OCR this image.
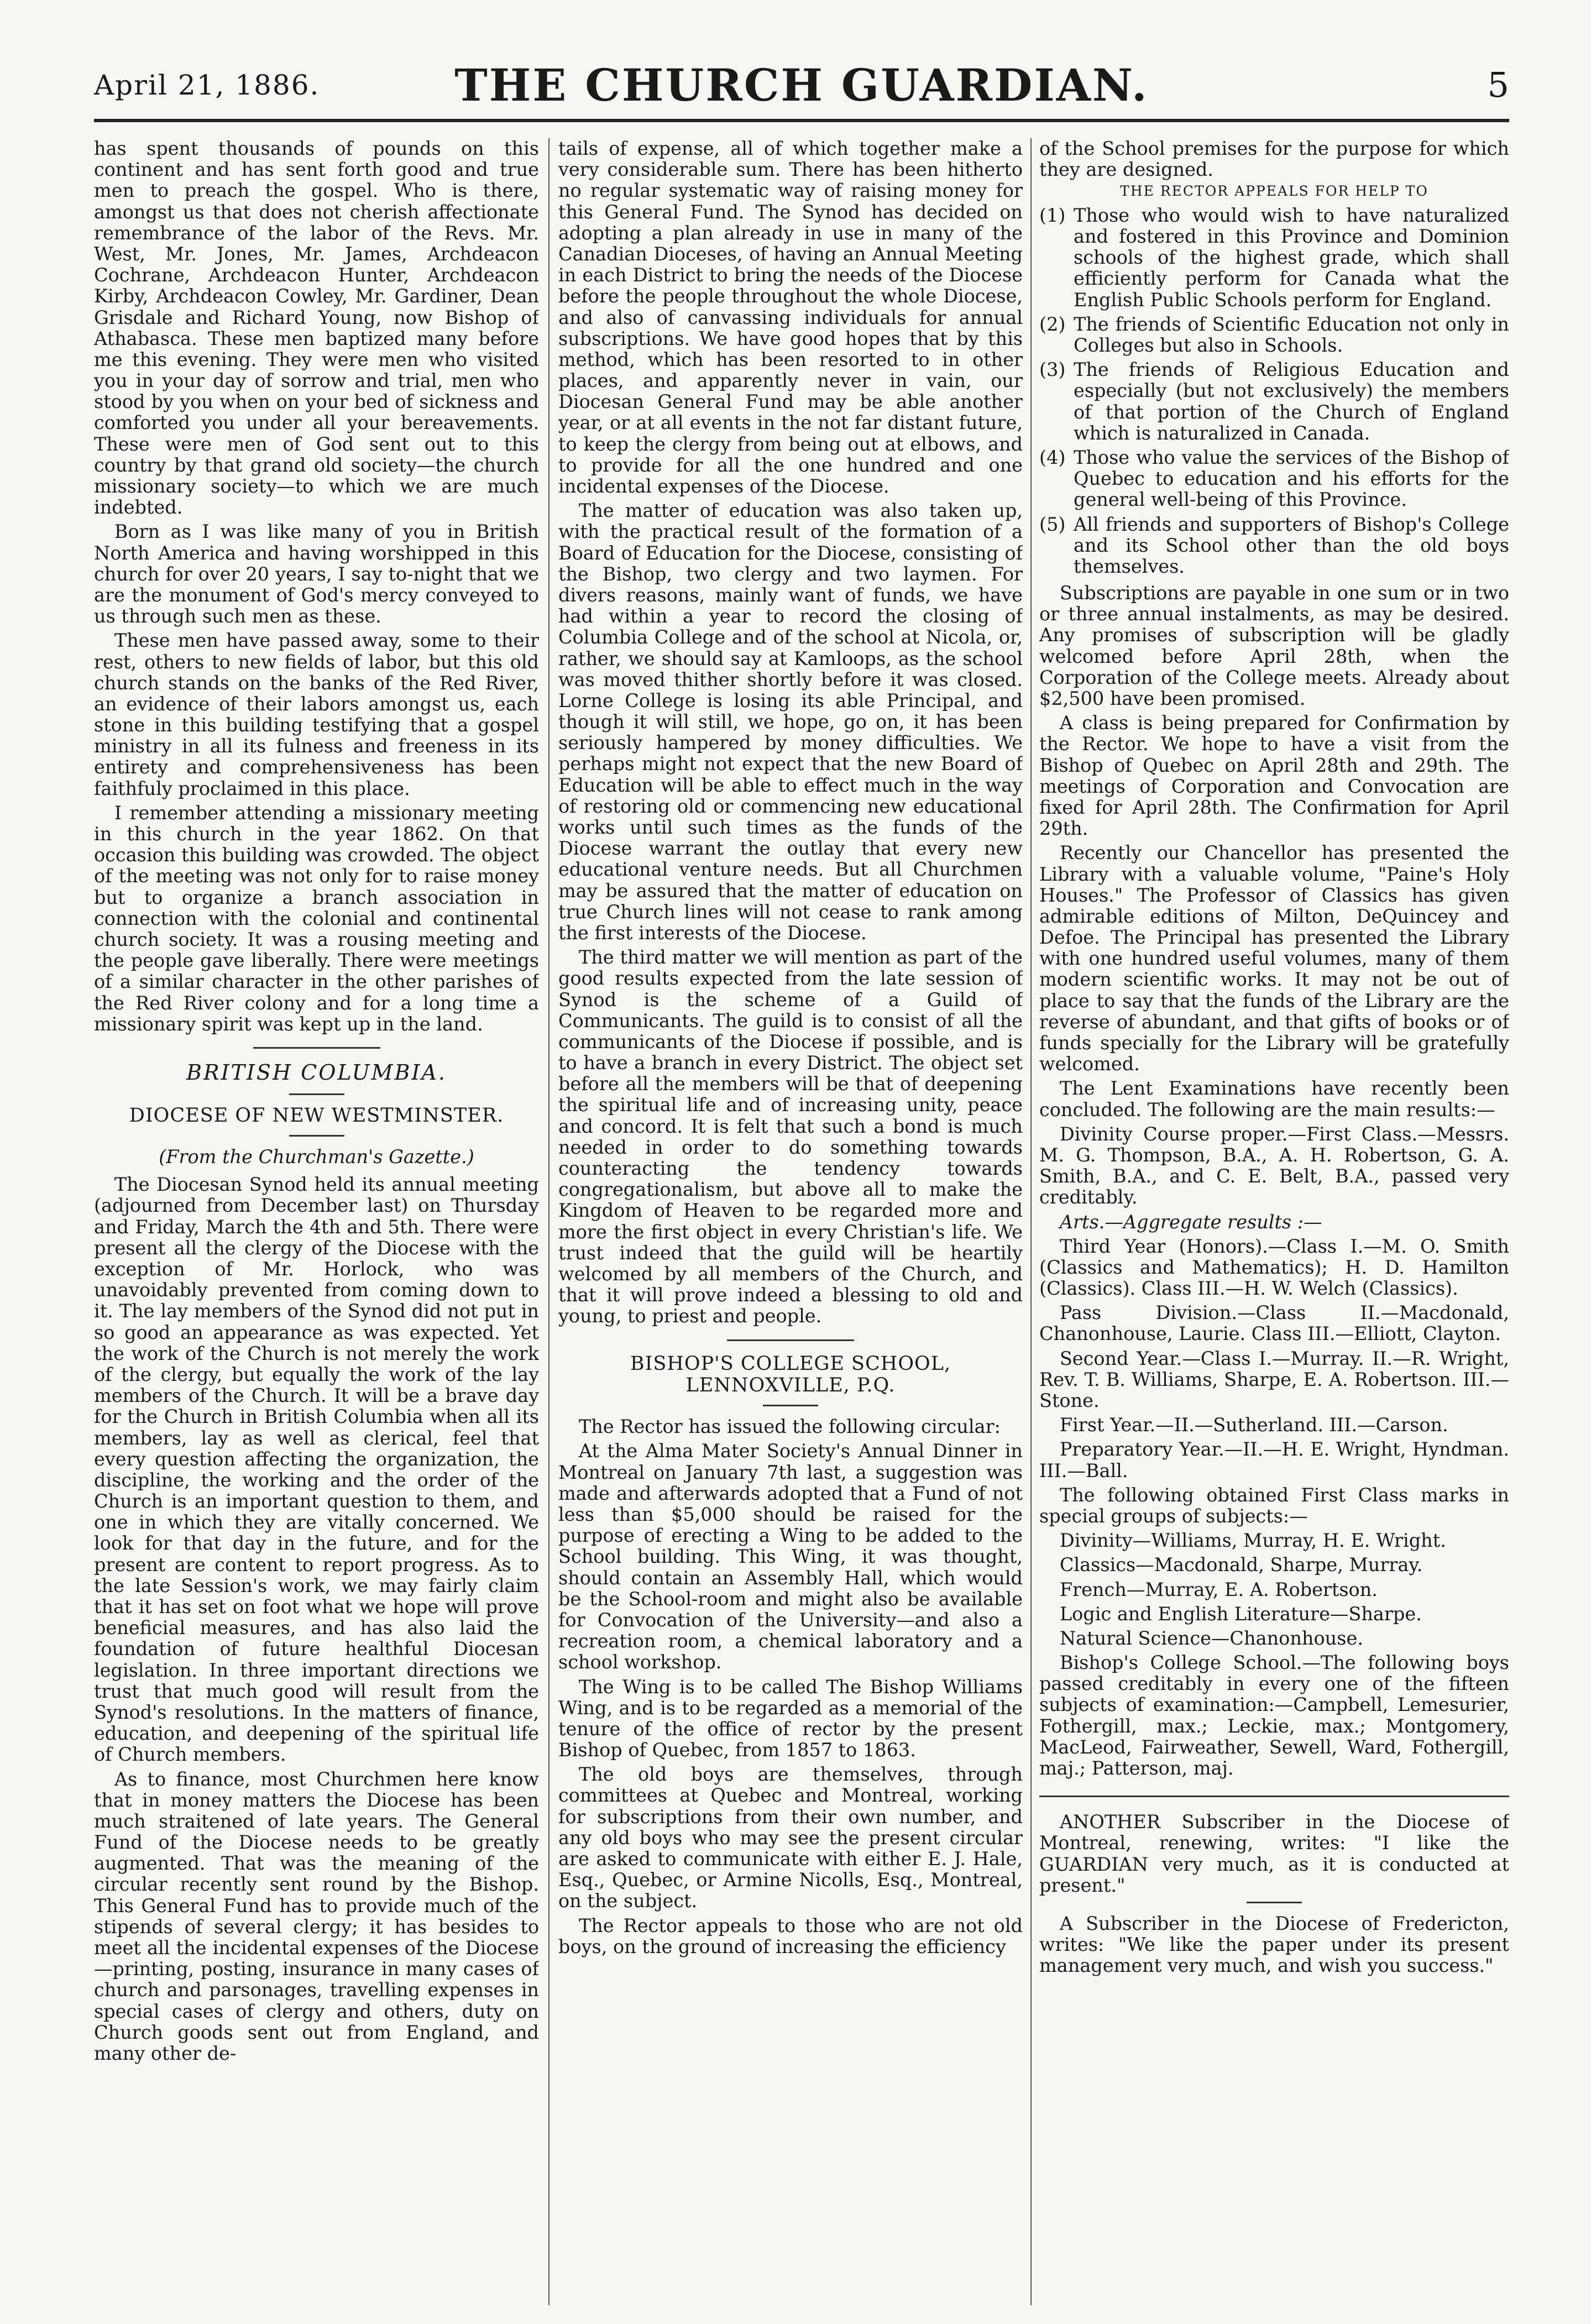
April 21, 1886.	THE CHURCH GUARDIAN.	5

has spent thousands of pounds on this continent and has sent forth good and true men to preach the gospel. Who is there, amongst us that does not cherish affectionate remembrance of the labor of the Revs. Mr. West, Mr. Jones, Mr. James, Archdeacon Cochrane, Archdeacon Hunter, Archdeacon Kirby, Archdeacon Cowley, Mr. Gardiner, Dean Grisdale and Richard Young, now Bishop of Athabasca. These men baptized many before me this evening. They were men who visited you in your day of sorrow and trial, men who stood by you when on your bed of sickness and comforted you under all your bereavements. These were men of God sent out to this country by that grand old society—the church missionary society—to which we are much indebted.

Born as I was like many of you in British North America and having worshipped in this church for over 20 years, I say to-night that we are the monument of God's mercy conveyed to us through such men as these.

These men have passed away, some to their rest, others to new fields of labor, but this old church stands on the banks of the Red River, an evidence of their labors amongst us, each stone in this building testifying that a gospel ministry in all its fulness and freeness in its entirety and comprehensiveness has been faithfuly proclaimed in this place.

I remember attending a missionary meeting in this church in the year 1862. On that occasion this building was crowded. The object of the meeting was not only for to raise money but to organize a branch association in connection with the colonial and continental church society. It was a rousing meeting and the people gave liberally. There were meetings of a similar character in the other parishes of the Red River colony and for a long time a missionary spirit was kept up in the land.

BRITISH COLUMBIA.
DIOCESE OF NEW WESTMINSTER.
(From the Churchman's Gazette.)

The Diocesan Synod held its annual meeting (adjourned from December last) on Thursday and Friday, March the 4th and 5th. There were present all the clergy of the Diocese with the exception of Mr. Horlock, who was unavoidably prevented from coming down to it. The lay members of the Synod did not put in so good an appearance as was expected. Yet the work of the Church is not merely the work of the clergy, but equally the work of the lay members of the Church. It will be a brave day for the Church in British Columbia when all its members, lay as well as clerical, feel that every question affecting the organization, the discipline, the working and the order of the Church is an important question to them, and one in which they are vitally concerned. We look for that day in the future, and for the present are content to report progress. As to the late Session's work, we may fairly claim that it has set on foot what we hope will prove beneficial measures, and has also laid the foundation of future healthful Diocesan legislation. In three important directions we trust that much good will result from the Synod's resolutions. In the matters of finance, education, and deepening of the spiritual life of Church members.

As to finance, most Churchmen here know that in money matters the Diocese has been much straitened of late years. The General Fund of the Diocese needs to be greatly augmented. That was the meaning of the circular recently sent round by the Bishop. This General Fund has to provide much of the stipends of several clergy; it has besides to meet all the incidental expenses of the Diocese—printing, posting, insurance in many cases of church and parsonages, travelling expenses in special cases of clergy and others, duty on Church goods sent out from England, and many other de-

tails of expense, all of which together make a very considerable sum. There has been hitherto no regular systematic way of raising money for this General Fund. The Synod has decided on adopting a plan already in use in many of the Canadian Dioceses, of having an Annual Meeting in each District to bring the needs of the Diocese before the people throughout the whole Diocese, and also of canvassing individuals for annual subscriptions. We have good hopes that by this method, which has been resorted to in other places, and apparently never in vain, our Diocesan General Fund may be able another year, or at all events in the not far distant future, to keep the clergy from being out at elbows, and to provide for all the one hundred and one incidental expenses of the Diocese.

The matter of education was also taken up, with the practical result of the formation of a Board of Education for the Diocese, consisting of the Bishop, two clergy and two laymen. For divers reasons, mainly want of funds, we have had within a year to record the closing of Columbia College and of the school at Nicola, or, rather, we should say at Kamloops, as the school was moved thither shortly before it was closed. Lorne College is losing its able Principal, and though it will still, we hope, go on, it has been seriously hampered by money difficulties. We perhaps might not expect that the new Board of Education will be able to effect much in the way of restoring old or commencing new educational works until such times as the funds of the Diocese warrant the outlay that every new educational venture needs. But all Churchmen may be assured that the matter of education on true Church lines will not cease to rank among the first interests of the Diocese.

The third matter we will mention as part of the good results expected from the late session of Synod is the scheme of a Guild of Communicants. The guild is to consist of all the communicants of the Diocese if possible, and is to have a branch in every District. The object set before all the members will be that of deepening the spiritual life and of increasing unity, peace and concord. It is felt that such a bond is much needed in order to do something towards counteracting the tendency towards congregationalism, but above all to make the Kingdom of Heaven to be regarded more and more the first object in every Christian's life. We trust indeed that the guild will be heartily welcomed by all members of the Church, and that it will prove indeed a blessing to old and young, to priest and people.

BISHOP'S COLLEGE SCHOOL, LENNOXVILLE, P.Q.

The Rector has issued the following circular:

At the Alma Mater Society's Annual Dinner in Montreal on January 7th last, a suggestion was made and afterwards adopted that a Fund of not less than $5,000 should be raised for the purpose of erecting a Wing to be added to the School building. This Wing, it was thought, should contain an Assembly Hall, which would be the School-room and might also be available for Convocation of the University—and also a recreation room, a chemical laboratory and a school workshop.

The Wing is to be called The Bishop Williams Wing, and is to be regarded as a memorial of the tenure of the office of rector by the present Bishop of Quebec, from 1857 to 1863.

The old boys are themselves, through committees at Quebec and Montreal, working for subscriptions from their own number, and any old boys who may see the present circular are asked to communicate with either E. J. Hale, Esq., Quebec, or Armine Nicolls, Esq., Montreal, on the subject.

The Rector appeals to those who are not old boys, on the ground of increasing the efficiency

of the School premises for the purpose for which they are designed.

THE RECTOR APPEALS FOR HELP TO
(1) Those who would wish to have naturalized and fostered in this Province and Dominion schools of the highest grade, which shall efficiently perform for Canada what the English Public Schools perform for England.
(2) The friends of Scientific Education not only in Colleges but also in Schools.
(3) The friends of Religious Education and especially (but not exclusively) the members of that portion of the Church of England which is naturalized in Canada.
(4) Those who value the services of the Bishop of Quebec to education and his efforts for the general well-being of this Province.
(5) All friends and supporters of Bishop's College and its School other than the old boys themselves.

Subscriptions are payable in one sum or in two or three annual instalments, as may be desired. Any promises of subscription will be gladly welcomed before April 28th, when the Corporation of the College meets. Already about $2,500 have been promised.

A class is being prepared for Confirmation by the Rector. We hope to have a visit from the Bishop of Quebec on April 28th and 29th. The meetings of Corporation and Convocation are fixed for April 28th. The Confirmation for April 29th.

Recently our Chancellor has presented the Library with a valuable volume, "Paine's Holy Houses." The Professor of Classics has given admirable editions of Milton, DeQuincey and Defoe. The Principal has presented the Library with one hundred useful volumes, many of them modern scientific works. It may not be out of place to say that the funds of the Library are the reverse of abundant, and that gifts of books or of funds specially for the Library will be gratefully welcomed.

The Lent Examinations have recently been concluded. The following are the main results:—

Divinity Course proper.—First Class.—Messrs. M. G. Thompson, B.A., A. H. Robertson, G. A. Smith, B.A., and C. E. Belt, B.A., passed very creditably.

Arts.—Aggregate results :—

Third Year (Honors).—Class I.—M. O. Smith (Classics and Mathematics); H. D. Hamilton (Classics). Class III.—H. W. Welch (Classics).

Pass Division.—Class II.—Macdonald, Chanonhouse, Laurie. Class III.—Elliott, Clayton.

Second Year.—Class I.—Murray. II.—R. Wright, Rev. T. B. Williams, Sharpe, E. A. Robertson. III.—Stone.

First Year.—II.—Sutherland. III.—Carson.

Preparatory Year.—II.—H. E. Wright, Hyndman. III.—Ball.

The following obtained First Class marks in special groups of subjects:—

Divinity—Williams, Murray, H. E. Wright.

Classics—Macdonald, Sharpe, Murray.

French—Murray, E. A. Robertson.

Logic and English Literature—Sharpe.

Natural Science—Chanonhouse.

Bishop's College School.—The following boys passed creditably in every one of the fifteen subjects of examination:—Campbell, Lemesurier, Fothergill, max.; Leckie, max.; Montgomery, MacLeod, Fairweather, Sewell, Ward, Fothergill, maj.; Patterson, maj.

ANOTHER Subscriber in the Diocese of Montreal, renewing, writes: "I like the GUARDIAN very much, as it is conducted at present."

A Subscriber in the Diocese of Fredericton, writes: "We like the paper under its present management very much, and wish you success."
